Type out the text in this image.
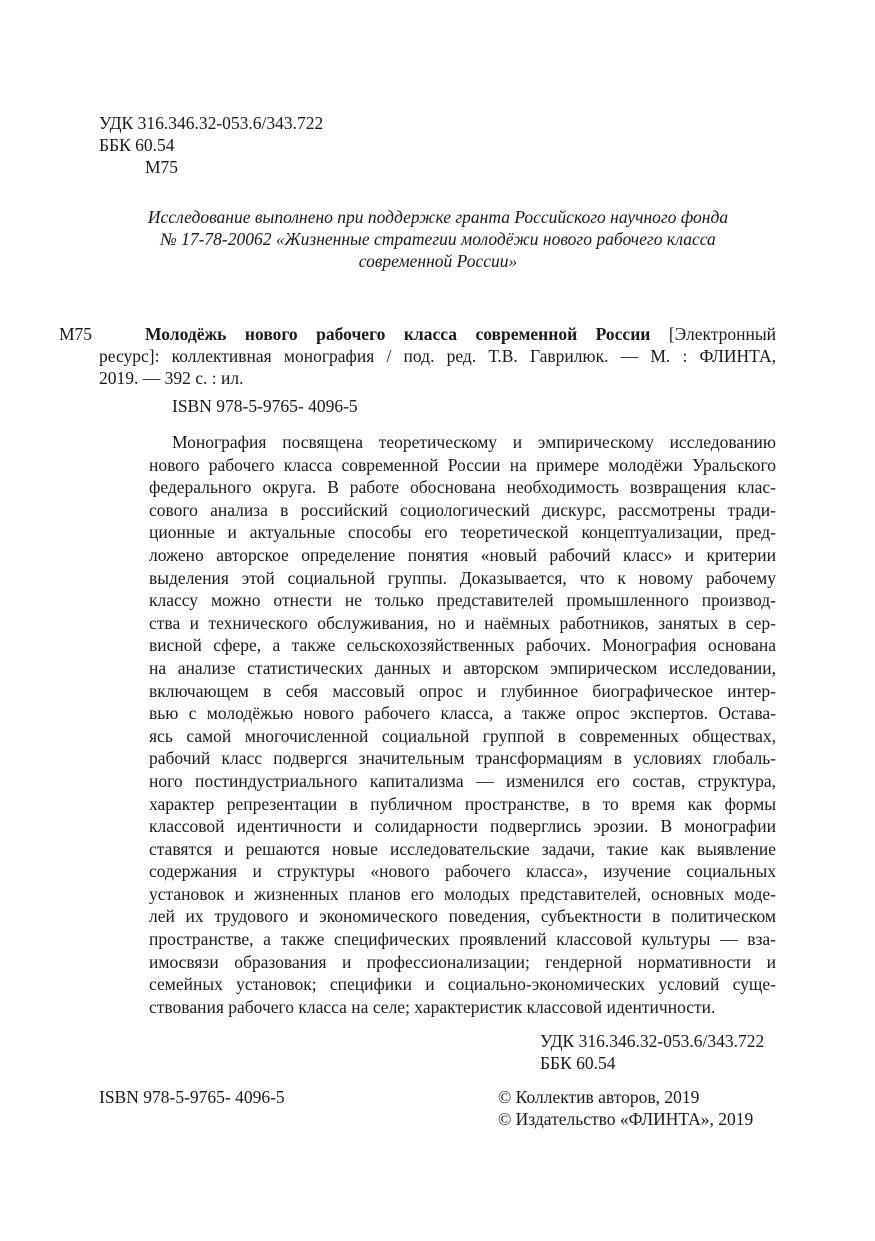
УДК 316.346.32-053.6/343.722
ББК 60.54
М75
Исследование выполнено при поддержке гранта Российского научного фонда
№ 17-78-20062 «Жизненные стратегии молодёжи нового рабочего класса
современной России»
М75	Молодёжь нового рабочего класса современной России [Электронный
ресурс]: коллективная монография / под. ред. Т.В. Гаврилюк. — М. : ФЛИНТА,
2019. — 392 с. : ил.
ISBN 978-5-9765- 4096-5
Монография посвящена теоретическому и эмпирическому исследованию
нового рабочего класса современной России на примере молодёжи Уральского
федерального округа. В работе обоснована необходимость возвращения клас-
сового анализа в российский социологический дискурс, рассмотрены тради-
ционные и актуальные способы его теоретической концептуализации, пред-
ложено авторское определение понятия «новый рабочий класс» и критерии
выделения этой социальной группы. Доказывается, что к новому рабочему
классу можно отнести не только представителей промышленного производ-
ства и технического обслуживания, но и наёмных работников, занятых в сер-
висной сфере, а также сельскохозяйственных рабочих. Монография основана
на анализе статистических данных и авторском эмпирическом исследовании,
включающем в себя массовый опрос и глубинное биографическое интер-
вью с молодёжью нового рабочего класса, а также опрос экспертов. Остава-
ясь самой многочисленной социальной группой в современных обществах,
рабочий класс подвергся значительным трансформациям в условиях глобаль-
ного постиндустриального капитализма — изменился его состав, структура,
характер репрезентации в публичном пространстве, в то время как формы
классовой идентичности и солидарности подверглись эрозии. В монографии
ставятся и решаются новые исследовательские задачи, такие как выявление
содержания и структуры «нового рабочего класса», изучение социальных
установок и жизненных планов его молодых представителей, основных моде-
лей их трудового и экономического поведения, субъектности в политическом
пространстве, а также специфических проявлений классовой культуры — вза-
имосвязи образования и профессионализации; гендерной нормативности и
семейных установок; специфики и социально-экономических условий суще-
ствования рабочего класса на селе; характеристик классовой идентичности.
УДК 316.346.32-053.6/343.722
ББК 60.54
ISBN 978-5-9765- 4096-5	© Коллектив авторов, 2019
© Издательство «ФЛИНТА», 2019
